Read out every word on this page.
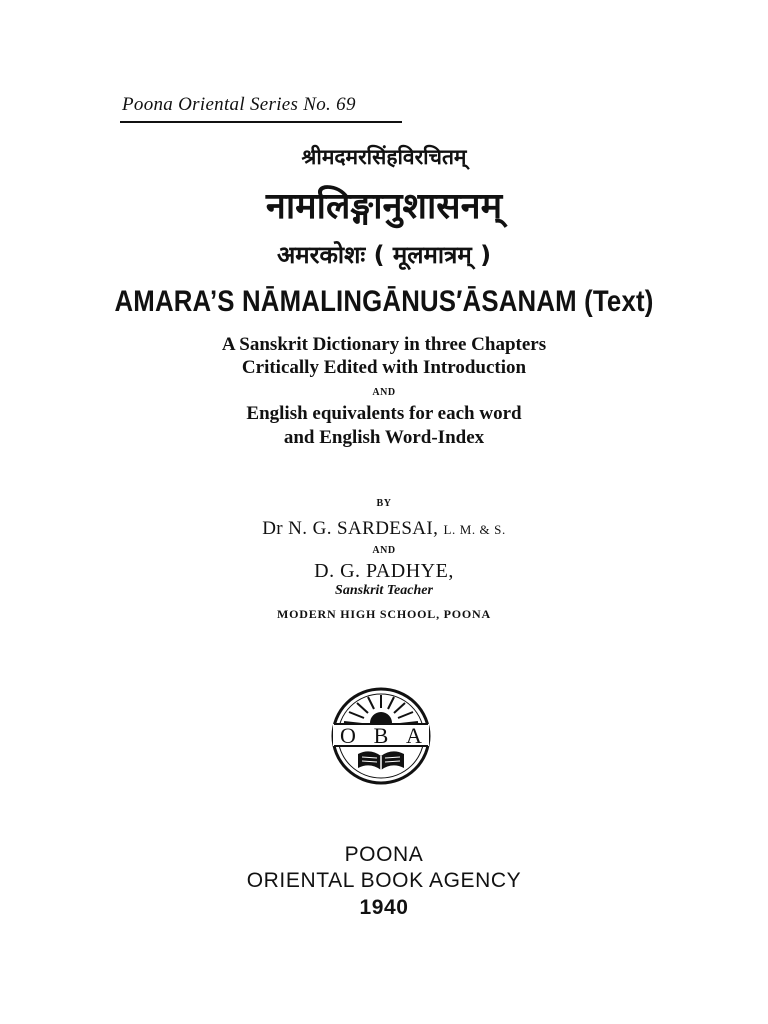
Poona Oriental Series No. 69
श्रीमदमरसिंहविरचितम्
नामलिङ्गानुशासनम्
अमरकोशः ( मूलमात्रम् )
AMARA’S NĀMALINGĀNUS′ĀSANAM (Text)
A Sanskrit Dictionary in three Chapters
Critically Edited with Introduction
AND
English equivalents for each word
and English Word-Index
BY
Dr N. G. SARDESAI, L. M. & S.
AND
D. G. PADHYE,
Sanskrit Teacher
MODERN HIGH SCHOOL, POONA
O B A
POONA
ORIENTAL BOOK AGENCY
1940
